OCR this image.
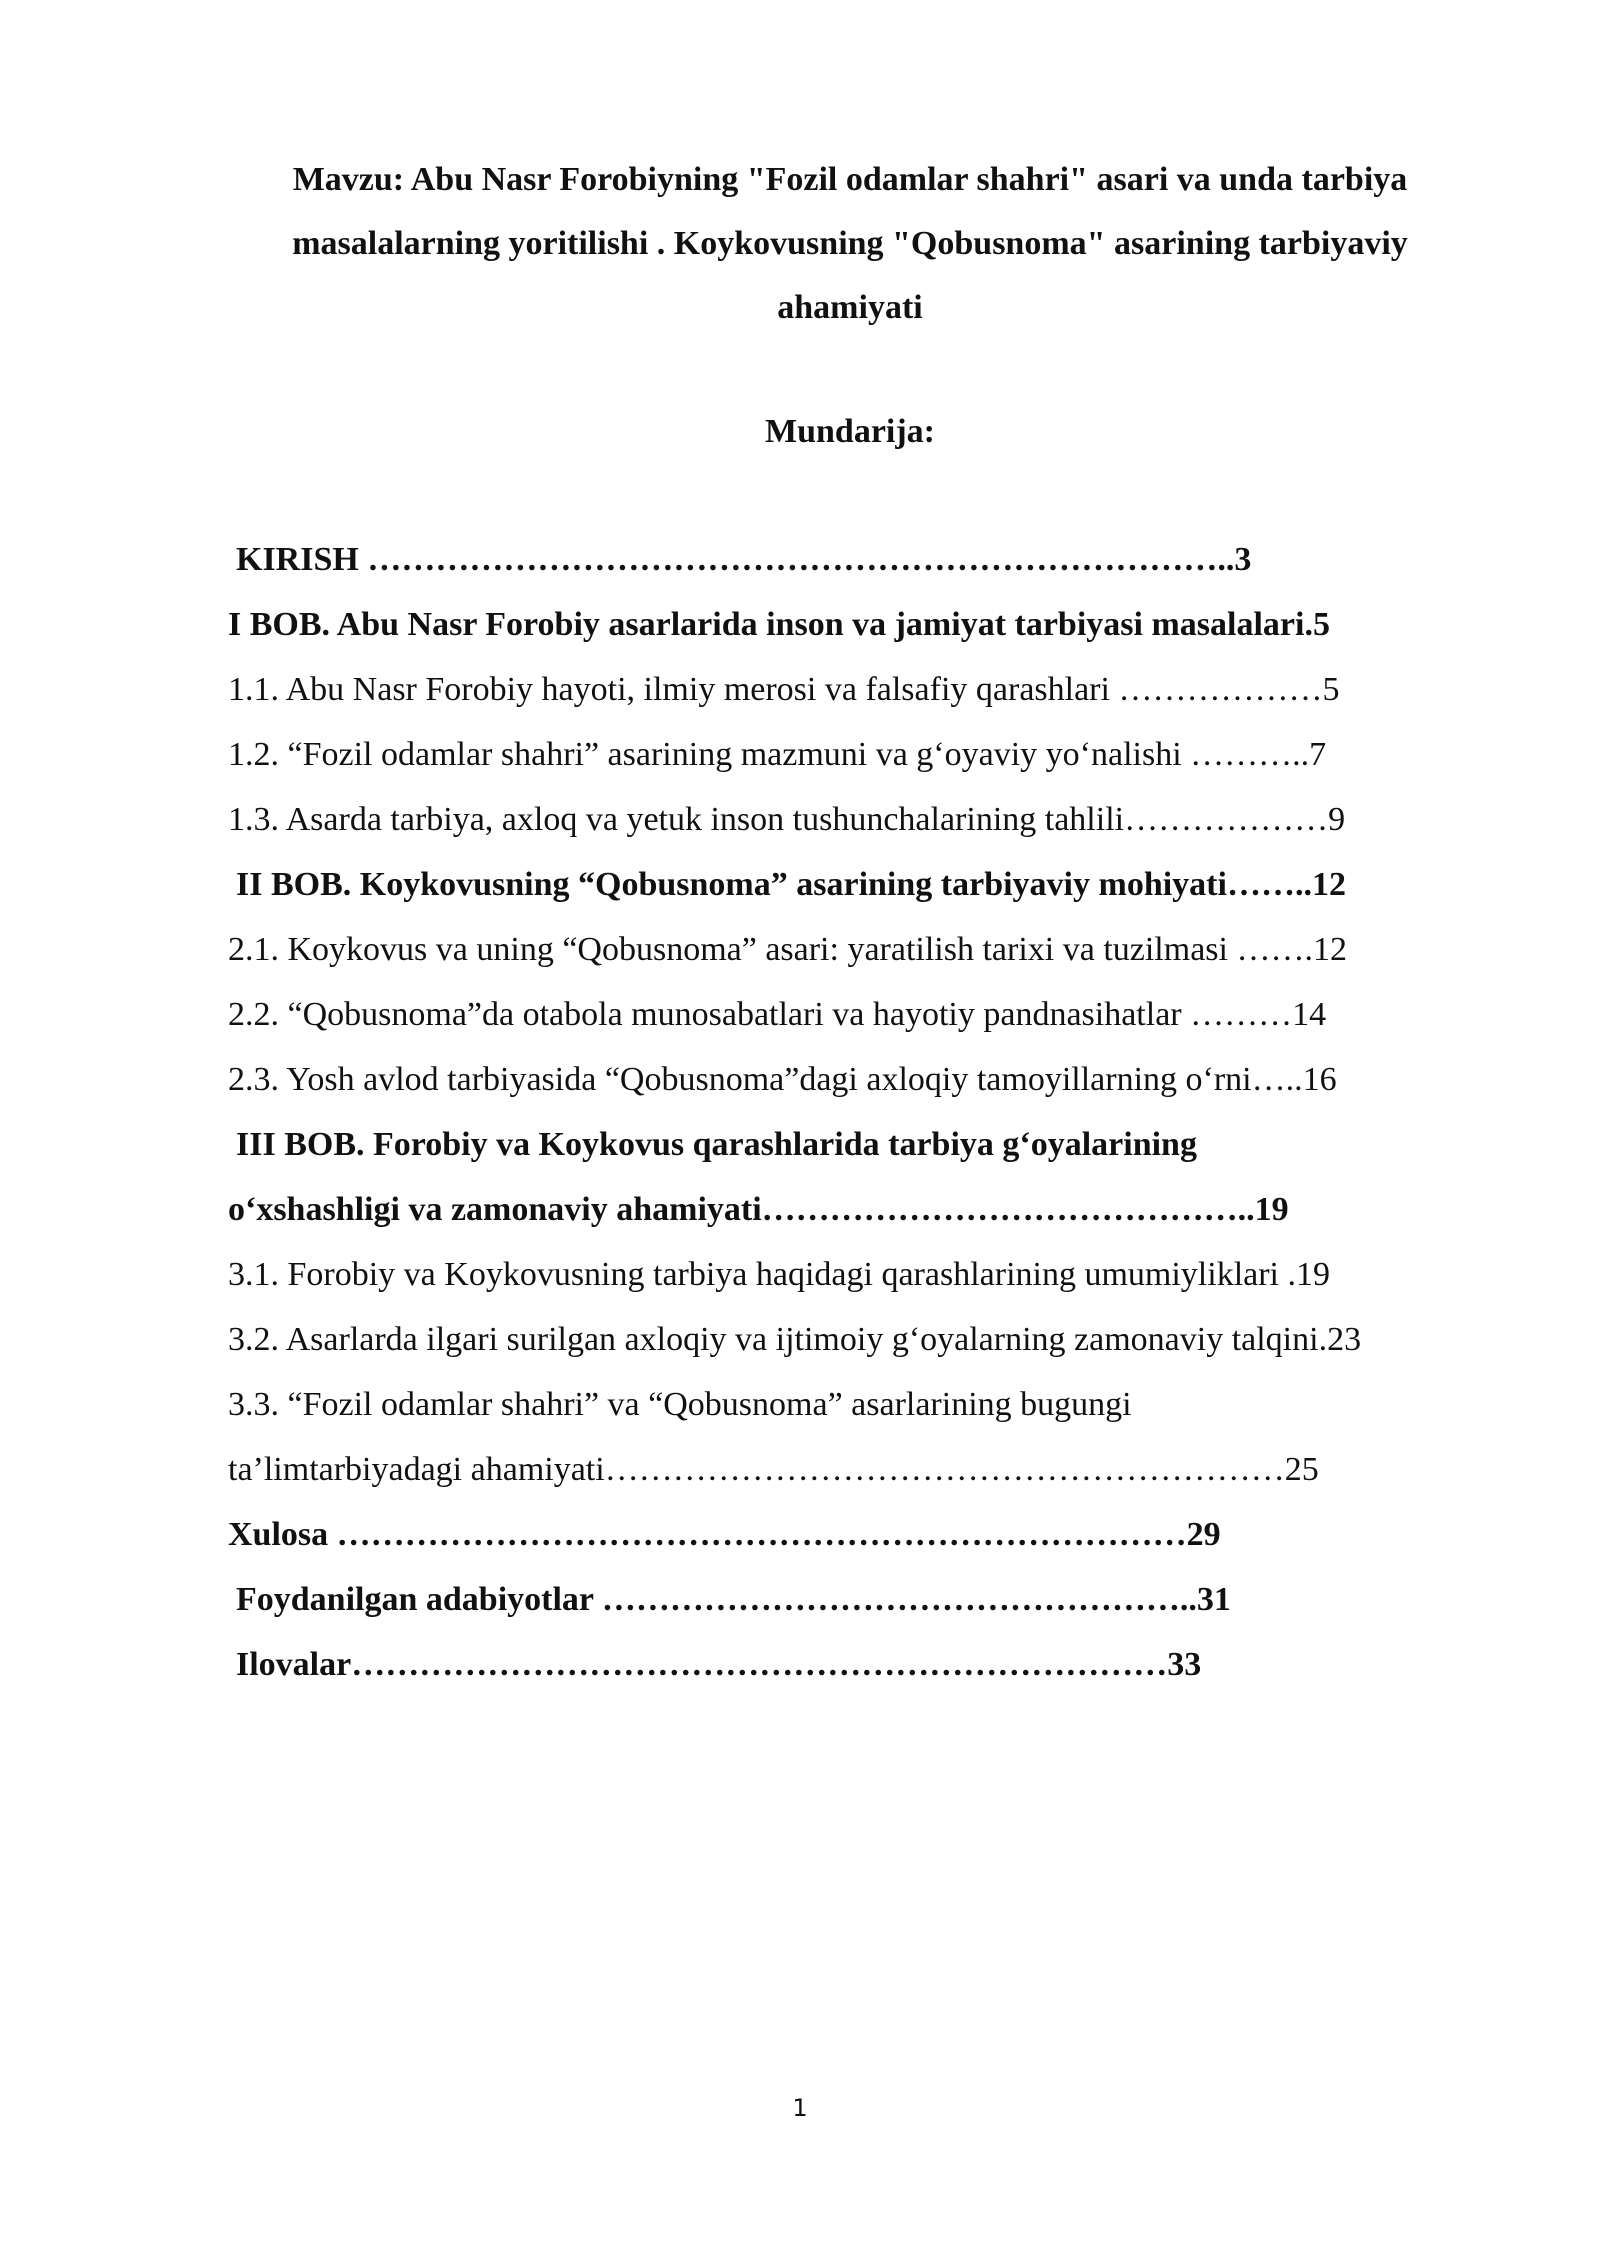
Mavzu: Abu Nasr Forobiyning "Fozil odamlar shahri" asari va unda tarbiya
masalalarning yoritilishi . Koykovusning "Qobusnoma" asarining tarbiyaviy
ahamiyati
Mundarija:
KIRISH …………………………………………………………………..3
I BOB. Abu Nasr Forobiy asarlarida inson va jamiyat tarbiyasi masalalari.5
1.1. Abu Nasr Forobiy hayoti, ilmiy merosi va falsafiy qarashlari ………………5
1.2. “Fozil odamlar shahri” asarining mazmuni va g‘oyaviy yo‘nalishi ………..7
1.3. Asarda tarbiya, axloq va yetuk inson tushunchalarining tahlili………………9
II BOB. Koykovusning “Qobusnoma” asarining tarbiyaviy mohiyati……..12
2.1. Koykovus va uning “Qobusnoma” asari: yaratilish tarixi va tuzilmasi …….12
2.2. “Qobusnoma”da otabola munosabatlari va hayotiy pandnasihatlar ………14
2.3. Yosh avlod tarbiyasida “Qobusnoma”dagi axloqiy tamoyillarning o‘rni…..16
III BOB. Forobiy va Koykovus qarashlarida tarbiya g‘oyalarining
o‘xshashligi va zamonaviy ahamiyati……………………………………..19
3.1. Forobiy va Koykovusning tarbiya haqidagi qarashlarining umumiyliklari .19
3.2. Asarlarda ilgari surilgan axloqiy va ijtimoiy g‘oyalarning zamonaviy talqini.23
3.3. “Fozil odamlar shahri” va “Qobusnoma” asarlarining bugungi
ta’limtarbiyadagi ahamiyati……………………………………………………25
Xulosa …………………………………………………………………29
Foydanilgan adabiyotlar ……………………………………………..31
Ilovalar………………………………………………………………33
1
